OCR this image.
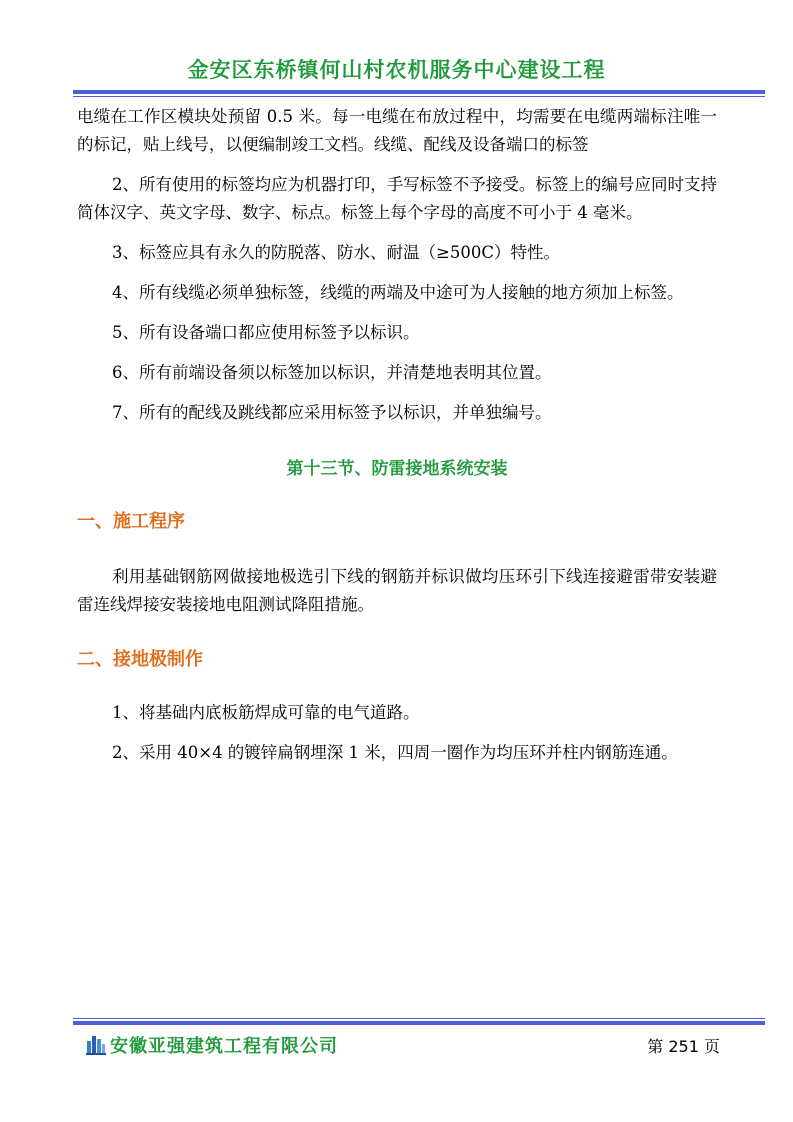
金安区东桥镇何山村农机服务中心建设工程

电缆在工作区模块处预留 0.5 米。每一电缆在布放过程中，均需要在电缆两端标注唯一的标记，贴上线号，以便编制竣工文档。线缆、配线及设备端口的标签

2、所有使用的标签均应为机器打印，手写标签不予接受。标签上的编号应同时支持简体汉字、英文字母、数字、标点。标签上每个字母的高度不可小于 4 毫米。

3、标签应具有永久的防脱落、防水、耐温（≥500C）特性。

4、所有线缆必须单独标签，线缆的两端及中途可为人接触的地方须加上标签。

5、所有设备端口都应使用标签予以标识。

6、所有前端设备须以标签加以标识，并清楚地表明其位置。

7、所有的配线及跳线都应采用标签予以标识，并单独编号。

第十三节、防雷接地系统安装
一、施工程序

利用基础钢筋网做接地极选引下线的钢筋并标识做均压环引下线连接避雷带安装避雷连线焊接安装接地电阻测试降阻措施。

二、接地极制作

1、将基础内底板筋焊成可靠的电气道路。

2、采用 40×4 的镀锌扁钢埋深 1 米，四周一圈作为均压环并柱内钢筋连通。

安徽亚强建筑工程有限公司	第 251 页
